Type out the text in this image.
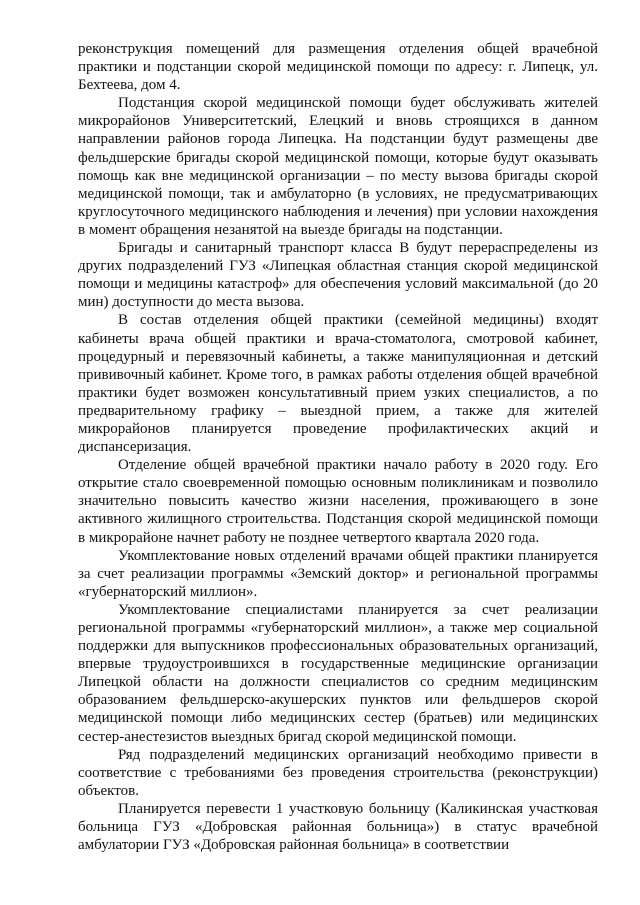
реконструкция помещений для размещения отделения общей врачебной практики и подстанции скорой медицинской помощи по адресу: г. Липецк, ул. Бехтеева, дом 4.

Подстанция скорой медицинской помощи будет обслуживать жителей микрорайонов Университетский, Елецкий и вновь строящихся в данном направлении районов города Липецка. На подстанции будут размещены две фельдшерские бригады скорой медицинской помощи, которые будут оказывать помощь как вне медицинской организации – по месту вызова бригады скорой медицинской помощи, так и амбулаторно (в условиях, не предусматривающих круглосуточного медицинского наблюдения и лечения) при условии нахождения в момент обращения незанятой на выезде бригады на подстанции.

Бригады и санитарный транспорт класса В будут перераспределены из других подразделений ГУЗ «Липецкая областная станция скорой медицинской помощи и медицины катастроф» для обеспечения условий максимальной (до 20 мин) доступности до места вызова.

В состав отделения общей практики (семейной медицины) входят кабинеты врача общей практики и врача-стоматолога, смотровой кабинет, процедурный и перевязочный кабинеты, а также манипуляционная и детский прививочный кабинет. Кроме того, в рамках работы отделения общей врачебной практики будет возможен консультативный прием узких специалистов, а по предварительному графику – выездной прием, а также для жителей микрорайонов планируется проведение профилактических акций и диспансеризация.

Отделение общей врачебной практики начало работу в 2020 году. Его открытие стало своевременной помощью основным поликлиникам и позволило значительно повысить качество жизни населения, проживающего в зоне активного жилищного строительства. Подстанция скорой медицинской помощи в микрорайоне начнет работу не позднее четвертого квартала 2020 года.

Укомплектование новых отделений врачами общей практики планируется за счет реализации программы «Земский доктор» и региональной программы «губернаторский миллион».

Укомплектование специалистами планируется за счет реализации региональной программы «губернаторский миллион», а также мер социальной поддержки для выпускников профессиональных образовательных организаций, впервые трудоустроившихся в государственные медицинские организации Липецкой области на должности специалистов со средним медицинским образованием фельдшерско-акушерских пунктов или фельдшеров скорой медицинской помощи либо медицинских сестер (братьев) или медицинских сестер-анестезистов выездных бригад скорой медицинской помощи.

Ряд подразделений медицинских организаций необходимо привести в соответствие с требованиями без проведения строительства (реконструкции) объектов.

Планируется перевести 1 участковую больницу (Каликинская участковая больница ГУЗ «Добровская районная больница») в статус врачебной амбулатории ГУЗ «Добровская районная больница» в соответствии
